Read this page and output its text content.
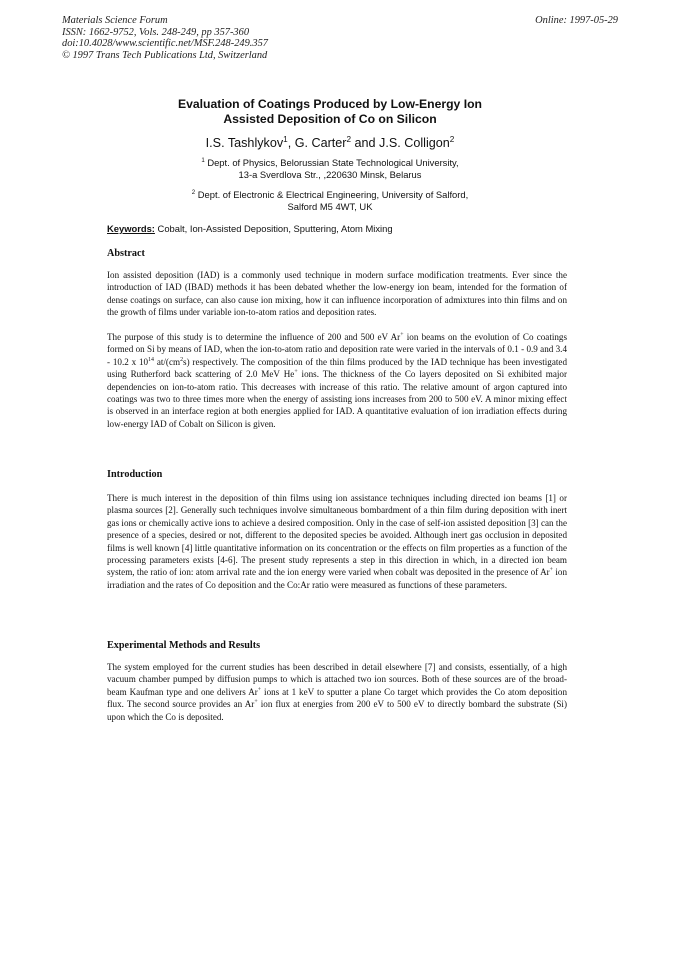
Materials Science Forum
ISSN: 1662-9752, Vols. 248-249, pp 357-360
doi:10.4028/www.scientific.net/MSF.248-249.357
© 1997 Trans Tech Publications Ltd, Switzerland
Online: 1997-05-29
Evaluation of Coatings Produced by Low-Energy Ion
Assisted Deposition of Co on Silicon
I.S. Tashlykov$^1$, G. Carter$^2$ and J.S. Colligon$^2$
$^1$ Dept. of Physics, Belorussian State Technological University,
13-a Sverdlova Str., ,220630 Minsk, Belarus
$^2$ Dept. of Electronic & Electrical Engineering, University of Salford,
Salford M5 4WT, UK
Keywords: Cobalt, Ion-Assisted Deposition, Sputtering, Atom Mixing
Abstract
Ion assisted deposition (IAD) is a commonly used technique in modern surface modification treatments. Ever since the introduction of IAD (IBAD) methods it has been debated whether the low-energy ion beam, intended for the formation of dense coatings on surface, can also cause ion mixing, how it can influence incorporation of admixtures into thin films and on the growth of films under variable ion-to-atom ratios and deposition rates.
The purpose of this study is to determine the influence of 200 and 500 eV Ar+ ion beams on the evolution of Co coatings formed on Si by means of IAD, when the ion-to-atom ratio and deposition rate were varied in the intervals of 0.1 - 0.9 and 3.4 - 10.2 x $10^{14}$ $at/(cm^2s)$ respectively. The composition of the thin films produced by the IAD technique has been investigated using Rutherford back scattering of 2.0 MeV He+ ions. The thickness of the Co layers deposited on Si exhibited major dependencies on ion-to-atom ratio. This decreases with increase of this ratio. The relative amount of argon captured into coatings was two to three times more when the energy of assisting ions increases from 200 to 500 eV. A minor mixing effect is observed in an interface region at both energies applied for IAD. A quantitative evaluation of ion irradiation effects during low-energy IAD of Cobalt on Silicon is given.
Introduction
There is much interest in the deposition of thin films using ion assistance techniques including directed ion beams [1] or plasma sources [2]. Generally such techniques involve simultaneous bombardment of a thin film during deposition with inert gas ions or chemically active ions to achieve a desired composition. Only in the case of self-ion assisted deposition [3] can the presence of a species, desired or not, different to the deposited species be avoided. Although inert gas occlusion in deposited films is well known [4] little quantitative information on its concentration or the effects on film properties as a function of the processing parameters exists [4-6]. The present study represents a step in this direction in which, in a directed ion beam system, the ratio of ion: atom arrival rate and the ion energy were varied when cobalt was deposited in the presence of Ar+ ion irradiation and the rates of Co deposition and the Co:Ar ratio were measured as functions of these parameters.
Experimental Methods and Results
The system employed for the current studies has been described in detail elsewhere [7] and consists, essentially, of a high vacuum chamber pumped by diffusion pumps to which is attached two ion sources. Both of these sources are of the broad-beam Kaufman type and one delivers Ar+ ions at 1 keV to sputter a plane Co target which provides the Co atom deposition flux. The second source provides an Ar+ ion flux at energies from 200 eV to 500 eV to directly bombard the substrate (Si) upon which the Co is deposited.
